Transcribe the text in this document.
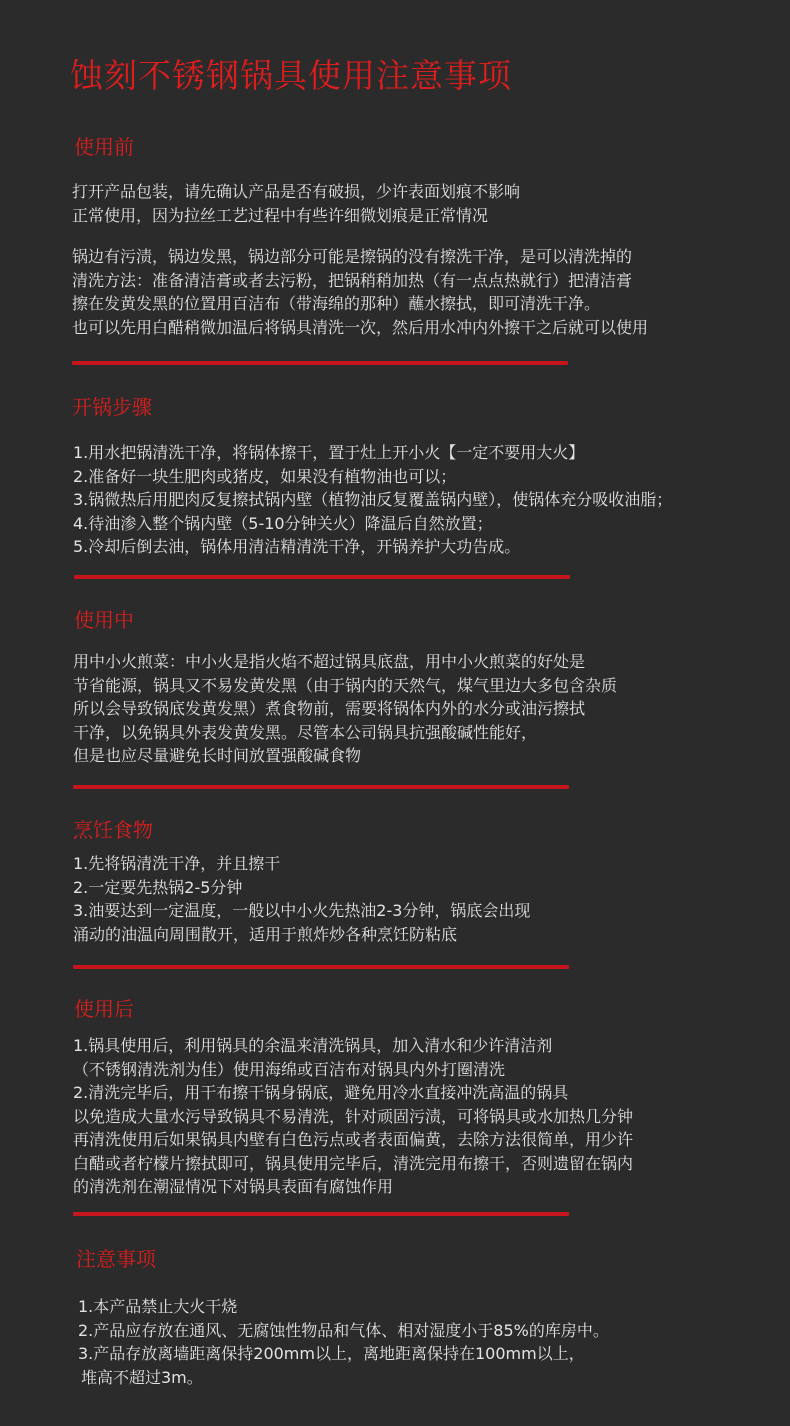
蚀刻不锈钢锅具使用注意事项
使用前
打开产品包装，请先确认产品是否有破损，少许表面划痕不影响
正常使用，因为拉丝工艺过程中有些许细微划痕是正常情况
锅边有污渍，锅边发黑，锅边部分可能是擦锅的没有擦洗干净，是可以清洗掉的
清洗方法：准备清洁膏或者去污粉，把锅稍稍加热（有一点点热就行）把清洁膏
擦在发黄发黑的位置用百洁布（带海绵的那种）蘸水擦拭，即可清洗干净。
也可以先用白醋稍微加温后将锅具清洗一次，然后用水冲内外擦干之后就可以使用
开锅步骤
1.用水把锅清洗干净，将锅体擦干，置于灶上开小火【一定不要用大火】
2.准备好一块生肥肉或猪皮，如果没有植物油也可以；
3.锅微热后用肥肉反复擦拭锅内壁（植物油反复覆盖锅内壁），使锅体充分吸收油脂；
4.待油渗入整个锅内壁（5-10分钟关火）降温后自然放置；
5.冷却后倒去油，锅体用清洁精清洗干净，开锅养护大功告成。
使用中
用中小火煎菜：中小火是指火焰不超过锅具底盘，用中小火煎菜的好处是
节省能源，锅具又不易发黄发黑（由于锅内的天然气，煤气里边大多包含杂质
所以会导致锅底发黄发黑）煮食物前，需要将锅体内外的水分或油污擦拭
干净，以免锅具外表发黄发黑。尽管本公司锅具抗强酸碱性能好，
但是也应尽量避免长时间放置强酸碱食物
烹饪食物
1.先将锅清洗干净，并且擦干
2.一定要先热锅2-5分钟
3.油要达到一定温度，一般以中小火先热油2-3分钟，锅底会出现
涌动的油温向周围散开，适用于煎炸炒各种烹饪防粘底
使用后
1.锅具使用后，利用锅具的余温来清洗锅具，加入清水和少许清洁剂
（不锈钢清洗剂为佳）使用海绵或百洁布对锅具内外打圈清洗
2.清洗完毕后，用干布擦干锅身锅底，避免用冷水直接冲洗高温的锅具
以免造成大量水污导致锅具不易清洗，针对顽固污渍，可将锅具或水加热几分钟
再清洗使用后如果锅具内壁有白色污点或者表面偏黄，去除方法很简单，用少许
白醋或者柠檬片擦拭即可，锅具使用完毕后，清洗完用布擦干，否则遗留在锅内
的清洗剂在潮湿情况下对锅具表面有腐蚀作用
注意事项
1.本产品禁止大火干烧
2.产品应存放在通风、无腐蚀性物品和气体、相对湿度小于85%的库房中。
3.产品存放离墙距离保持200mm以上，离地距离保持在100mm以上，
堆高不超过3m。
